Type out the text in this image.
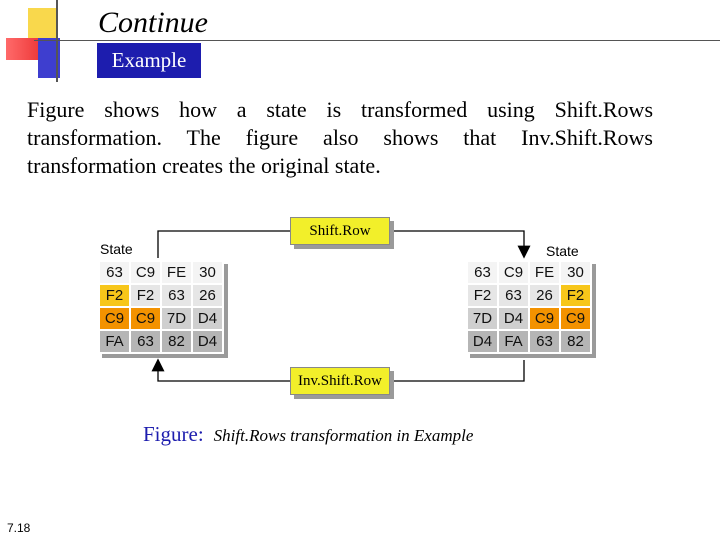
Continue
Example
Figure shows how a state is transformed using Shift.Rows transformation. The figure also shows that Inv.Shift.Rows transformation creates the original state.
State	State
63 C9 FE 30
F2 F2 63 26
C9 C9 7D D4
FA 63 82 D4
63 C9 FE 30
F2 63 26 F2
7D D4 C9 C9
D4 FA 63 82
Shift.Row
Inv.Shift.Row
Figure: Shift.Rows transformation in Example
7.18
